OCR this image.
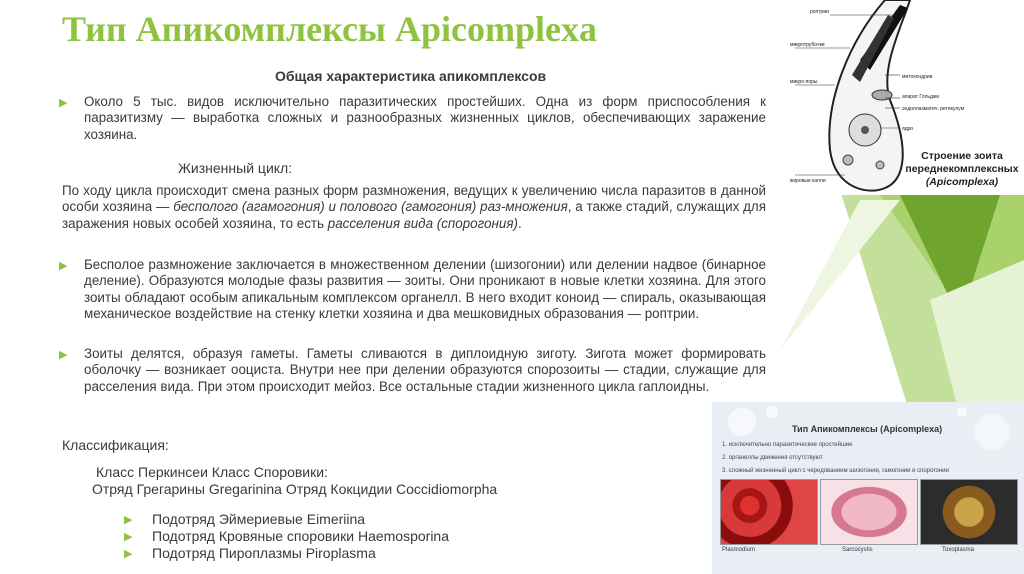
Тип Апикомплексы Apicomplexa
Общая характеристика апикомплексов
▶ Около 5 тыс. видов исключительно паразитических простейших. Одна из форм приспособления к паразитизму — выработка сложных и разнообразных жизненных циклов, обеспечивающих заражение хозяина.
Жизненный цикл:
По ходу цикла происходит смена разных форм размножения, ведущих к увеличению числа паразитов в данной особи хозяина — бесполого (агамогония) и полового (гамогония) раз-множения, а также стадий, служащих для заражения новых особей хозяина, то есть расселения вида (спорогония).
▶ Бесполое размножение заключается в множественном делении (шизогонии) или делении надвое (бинарное деление). Образуются молодые фазы развития — зоиты. Они проникают в новые клетки хозяина. Для этого зоиты обладают особым апикальным комплексом органелл. В него входит коноид — спираль, оказывающая механическое воздействие на стенку клетки хозяина и два мешковидных образования — роптрии.
▶ Зоиты делятся, образуя гаметы. Гаметы сливаются в диплоидную зиготу. Зигота может формировать оболочку — возникает ооциста. Внутри нее при делении образуются спорозоиты — стадии, служащие для расселения вида. При этом происходит мейоз. Все остальные стадии жизненного цикла гаплоидны.
Классификация:
Класс Перкинсеи Класс Споровики:
Отряд Грегарины Gregarinina Отряд Кокцидии Coccidiomorpha
▶ Подотряд Эймериевые Eimeriina
▶ Подотряд Кровяные споровики Haemosporina
▶ Подотряд Пироплазмы Piroplasma
роптрии
микротрубочки
микро-поры
митохондрии
апарат Гольджи
эндоплазматич. ретикулум
ядро
жировые капли
Строение зоита
переднекомплексных
(Apicomplexa)
Тип Апикомплексы (Apicomplexa)
1. исключительно паразитические простейшие
2. органеллы движения отсутствуют
3. сложный жизненный цикл с чередованием шизогонии, гамогонии и спорогонии
Plasmodium	Sarcocystis	Toxoplasma
